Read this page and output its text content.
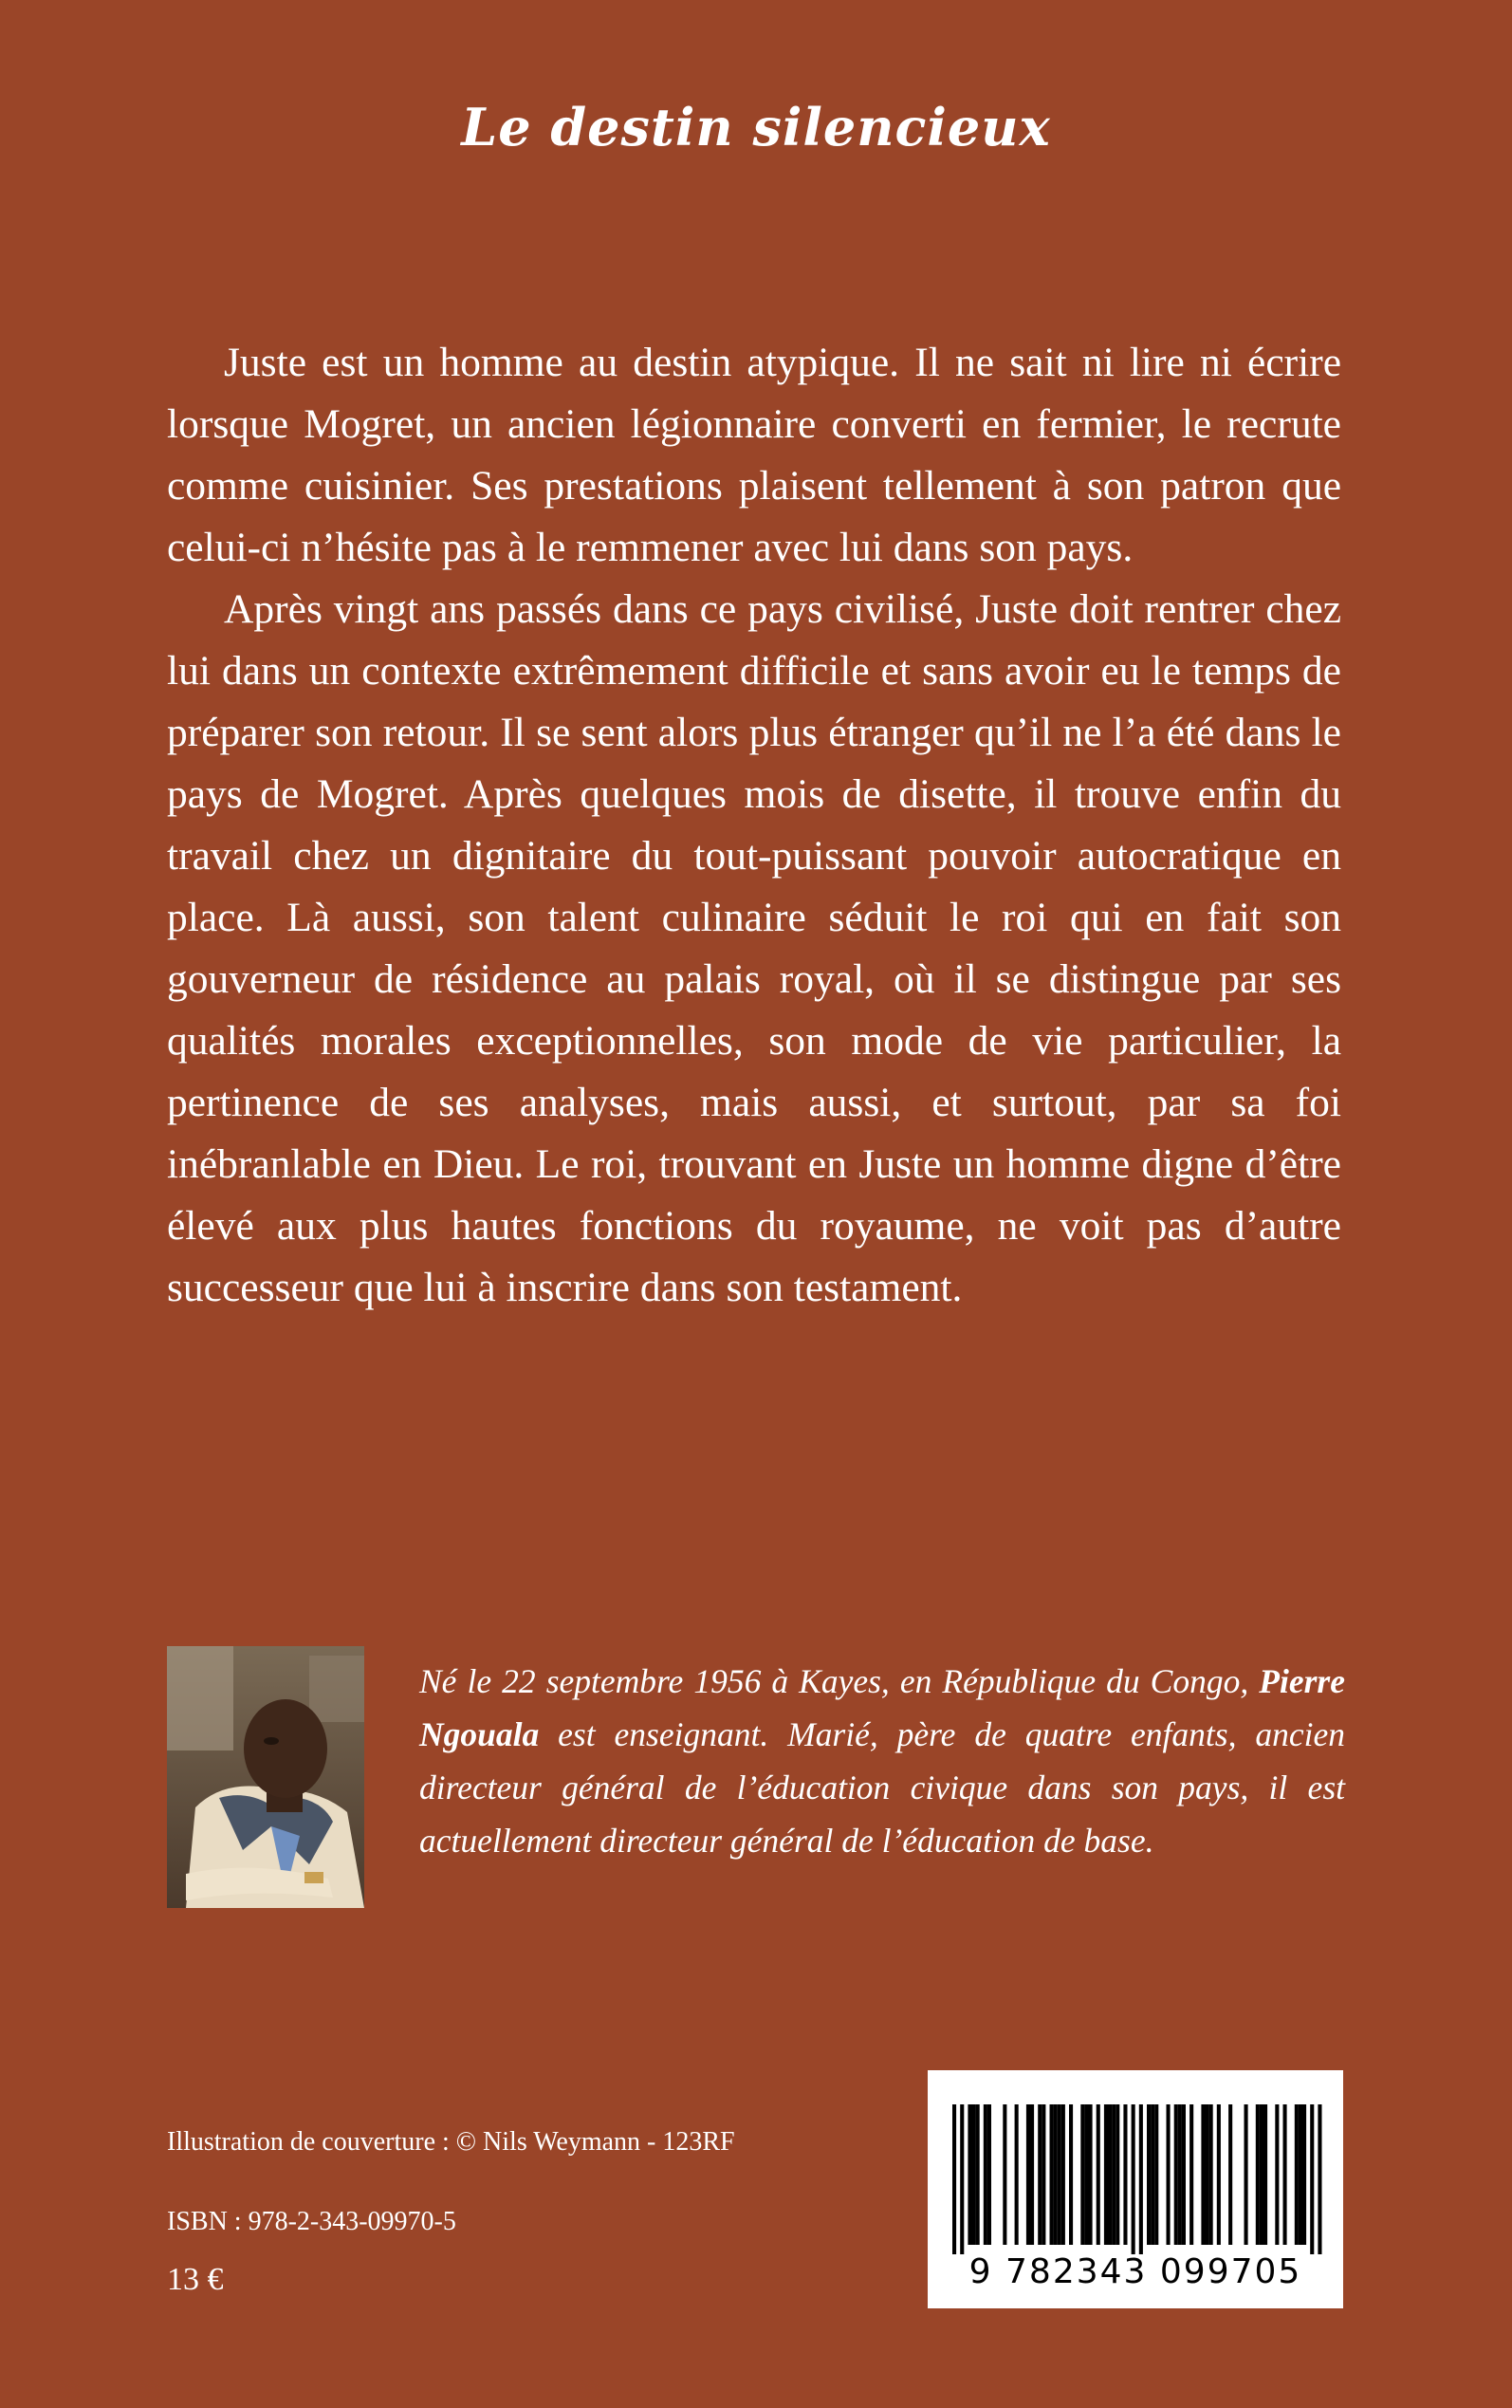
Le destin silencieux

Juste est un homme au destin atypique. Il ne sait ni lire ni écrire lorsque Mogret, un ancien légionnaire converti en fermier, le recrute comme cuisinier. Ses prestations plaisent tellement à son patron que celui-ci n’hésite pas à le remmener avec lui dans son pays.

Après vingt ans passés dans ce pays civilisé, Juste doit rentrer chez lui dans un contexte extrêmement difficile et sans avoir eu le temps de préparer son retour. Il se sent alors plus étranger qu’il ne l’a été dans le pays de Mogret. Après quelques mois de disette, il trouve enfin du travail chez un dignitaire du tout-puissant pouvoir autocratique en place. Là aussi, son talent culinaire séduit le roi qui en fait son gouverneur de résidence au palais royal, où il se distingue par ses qualités morales exceptionnelles, son mode de vie particulier, la pertinence de ses analyses, mais aussi, et surtout, par sa foi inébranlable en Dieu. Le roi, trouvant en Juste un homme digne d’être élevé aux plus hautes fonctions du royaume, ne voit pas d’autre successeur que lui à inscrire dans son testament.

Né le 22 septembre 1956 à Kayes, en République du Congo, Pierre Ngouala est enseignant. Marié, père de quatre enfants, ancien directeur général de l’éducation civique dans son pays, il est actuellement directeur général de l’éducation de base.
Illustration de couverture : © Nils Weymann - 123RF
ISBN : 978-2-343-09970-5
13 €	9 782343 099705
